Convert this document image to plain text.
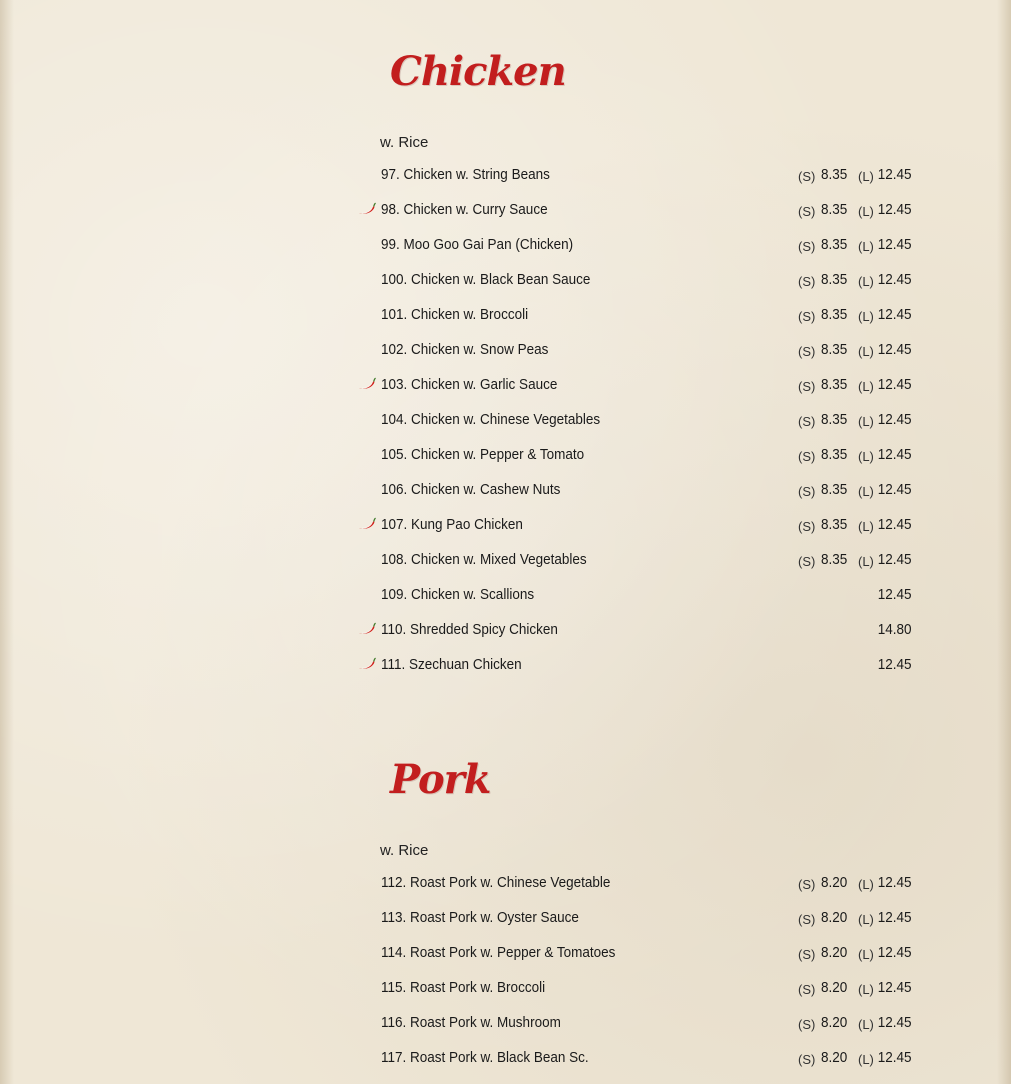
Chicken
w. Rice
97. Chicken w. String Beans	(S) 8.35 (L) 12.45
98. Chicken w. Curry Sauce	(S) 8.35 (L) 12.45
99. Moo Goo Gai Pan (Chicken)	(S) 8.35 (L) 12.45
100. Chicken w. Black Bean Sauce	(S) 8.35 (L) 12.45
101. Chicken w. Broccoli	(S) 8.35 (L) 12.45
102. Chicken w. Snow Peas	(S) 8.35 (L) 12.45
103. Chicken w. Garlic Sauce	(S) 8.35 (L) 12.45
104. Chicken w. Chinese Vegetables	(S) 8.35 (L) 12.45
105. Chicken w. Pepper & Tomato	(S) 8.35 (L) 12.45
106. Chicken w. Cashew Nuts	(S) 8.35 (L) 12.45
107. Kung Pao Chicken	(S) 8.35 (L) 12.45
108. Chicken w. Mixed Vegetables	(S) 8.35 (L) 12.45
109. Chicken w. Scallions	12.45
110. Shredded Spicy Chicken	14.80
111. Szechuan Chicken	12.45
Pork
w. Rice
112. Roast Pork w. Chinese Vegetable	(S) 8.20 (L) 12.45
113. Roast Pork w. Oyster Sauce	(S) 8.20 (L) 12.45
114. Roast Pork w. Pepper & Tomatoes	(S) 8.20 (L) 12.45
115. Roast Pork w. Broccoli	(S) 8.20 (L) 12.45
116. Roast Pork w. Mushroom	(S) 8.20 (L) 12.45
117. Roast Pork w. Black Bean Sc.	(S) 8.20 (L) 12.45
